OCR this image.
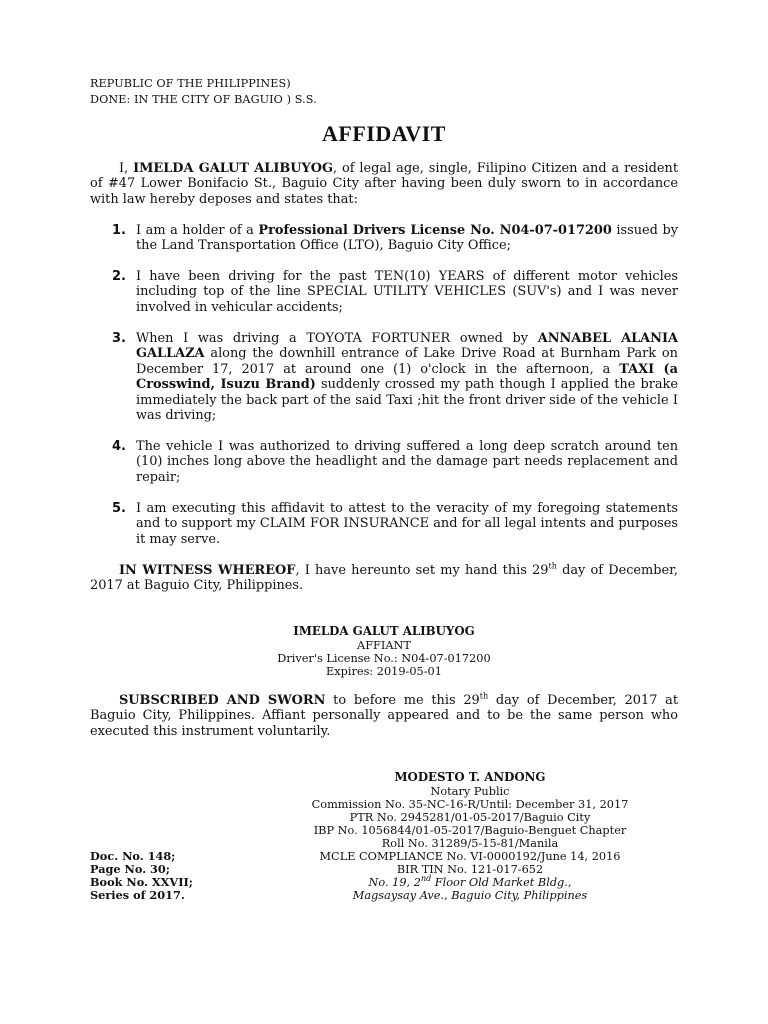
REPUBLIC OF THE PHILIPPINES)
DONE: IN THE CITY OF BAGUIO ) S.S.
AFFIDAVIT
I, IMELDA GALUT ALIBUYOG, of legal age, single, Filipino Citizen and a resident of #47 Lower Bonifacio St., Baguio City after having been duly sworn to in accordance with law hereby deposes and states that:
1. I am a holder of a Professional Drivers License No. N04-07-017200 issued by the Land Transportation Office (LTO), Baguio City Office;
2. I have been driving for the past TEN(10) YEARS of different motor vehicles including top of the line SPECIAL UTILITY VEHICLES (SUV's) and I was never involved in vehicular accidents;
3. When I was driving a TOYOTA FORTUNER owned by ANNABEL ALANIA GALLAZA along the downhill entrance of Lake Drive Road at Burnham Park on December 17, 2017 at around one (1) o'clock in the afternoon, a TAXI (a Crosswind, Isuzu Brand) suddenly crossed my path though I applied the brake immediately the back part of the said Taxi ;hit the front driver side of the vehicle I was driving;
4. The vehicle I was authorized to driving suffered a long deep scratch around ten (10) inches long above the headlight and the damage part needs replacement and repair;
5. I am executing this affidavit to attest to the veracity of my foregoing statements and to support my CLAIM FOR INSURANCE and for all legal intents and purposes it may serve.
IN WITNESS WHEREOF, I have hereunto set my hand this 29th day of December, 2017 at Baguio City, Philippines.
IMELDA GALUT ALIBUYOG
AFFIANT
Driver's License No.: N04-07-017200
Expires: 2019-05-01
SUBSCRIBED AND SWORN to before me this 29th day of December, 2017 at Baguio City, Philippines. Affiant personally appeared and to be the same person who executed this instrument voluntarily.
MODESTO T. ANDONG
Notary Public
Commission No. 35-NC-16-R/Until: December 31, 2017
PTR No. 2945281/01-05-2017/Baguio City
IBP No. 1056844/01-05-2017/Baguio-Benguet Chapter
Roll No. 31289/5-15-81/Manila
MCLE COMPLIANCE No. VI-0000192/June 14, 2016
BIR TIN No. 121-017-652
No. 19, 2nd Floor Old Market Bldg.,
Magsaysay Ave., Baguio City, Philippines
Doc. No. 148;
Page No. 30;
Book No. XXVII;
Series of 2017.
